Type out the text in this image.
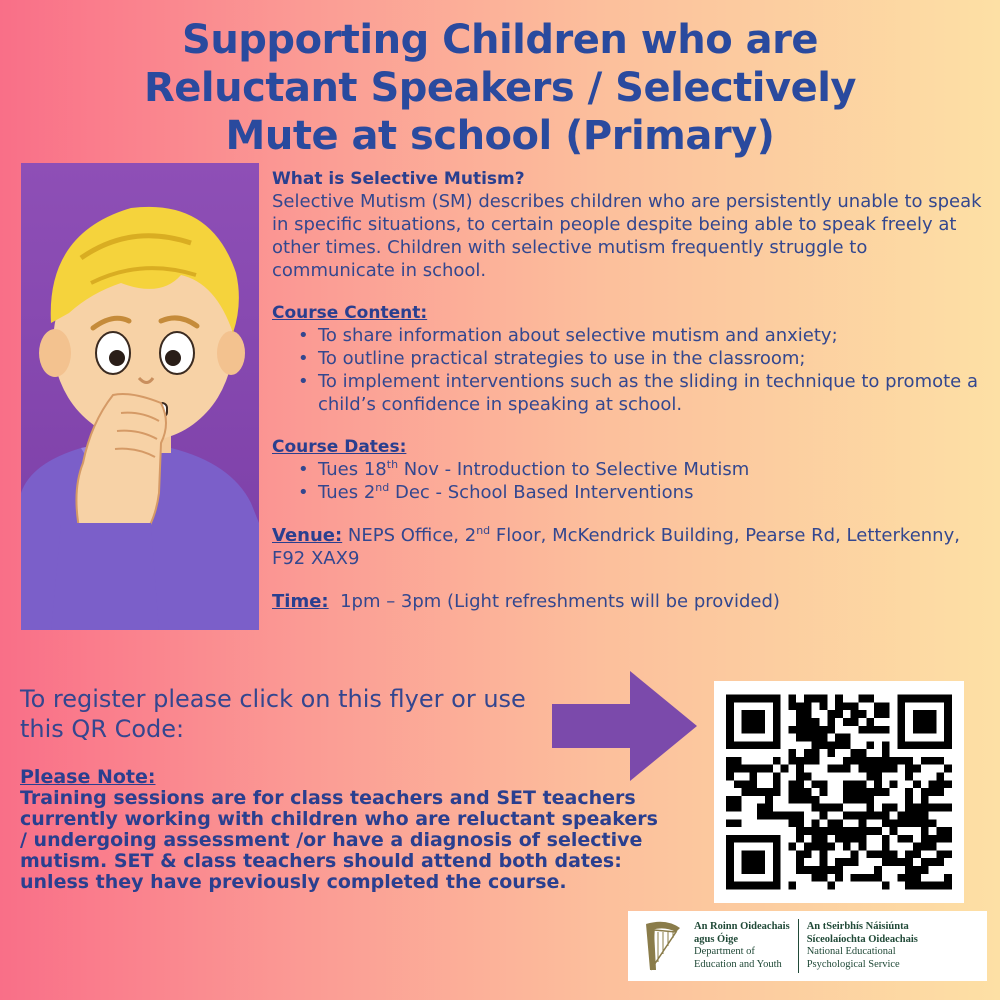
Supporting Children who are Reluctant Speakers / Selectively Mute at school (Primary)
What is Selective Mutism?
Selective Mutism (SM) describes children who are persistently unable to speak in specific situations, to certain people despite being able to speak freely at other times. Children with selective mutism frequently struggle to communicate in school.
Course Content:
• To share information about selective mutism and anxiety;
• To outline practical strategies to use in the classroom;
• To implement interventions such as the sliding in technique to promote a child’s confidence in speaking at school.
Course Dates:
• Tues 18th Nov - Introduction to Selective Mutism
• Tues 2nd Dec - School Based Interventions
Venue: NEPS Office, 2nd Floor, McKendrick Building, Pearse Rd, Letterkenny, F92 XAX9
Time:  1pm – 3pm (Light refreshments will be provided)
To register please click on this flyer or use this QR Code:
Please Note:
Training sessions are for class teachers and SET teachers currently working with children who are reluctant speakers / undergoing assessment /or have a diagnosis of selective mutism. SET & class teachers should attend both dates: unless they have previously completed the course.
An Roinn Oideachais
agus Óige
Department of
Education and Youth
An tSeirbhís Náisiúnta
Síceolaíochta Oideachais
National Educational
Psychological Service
